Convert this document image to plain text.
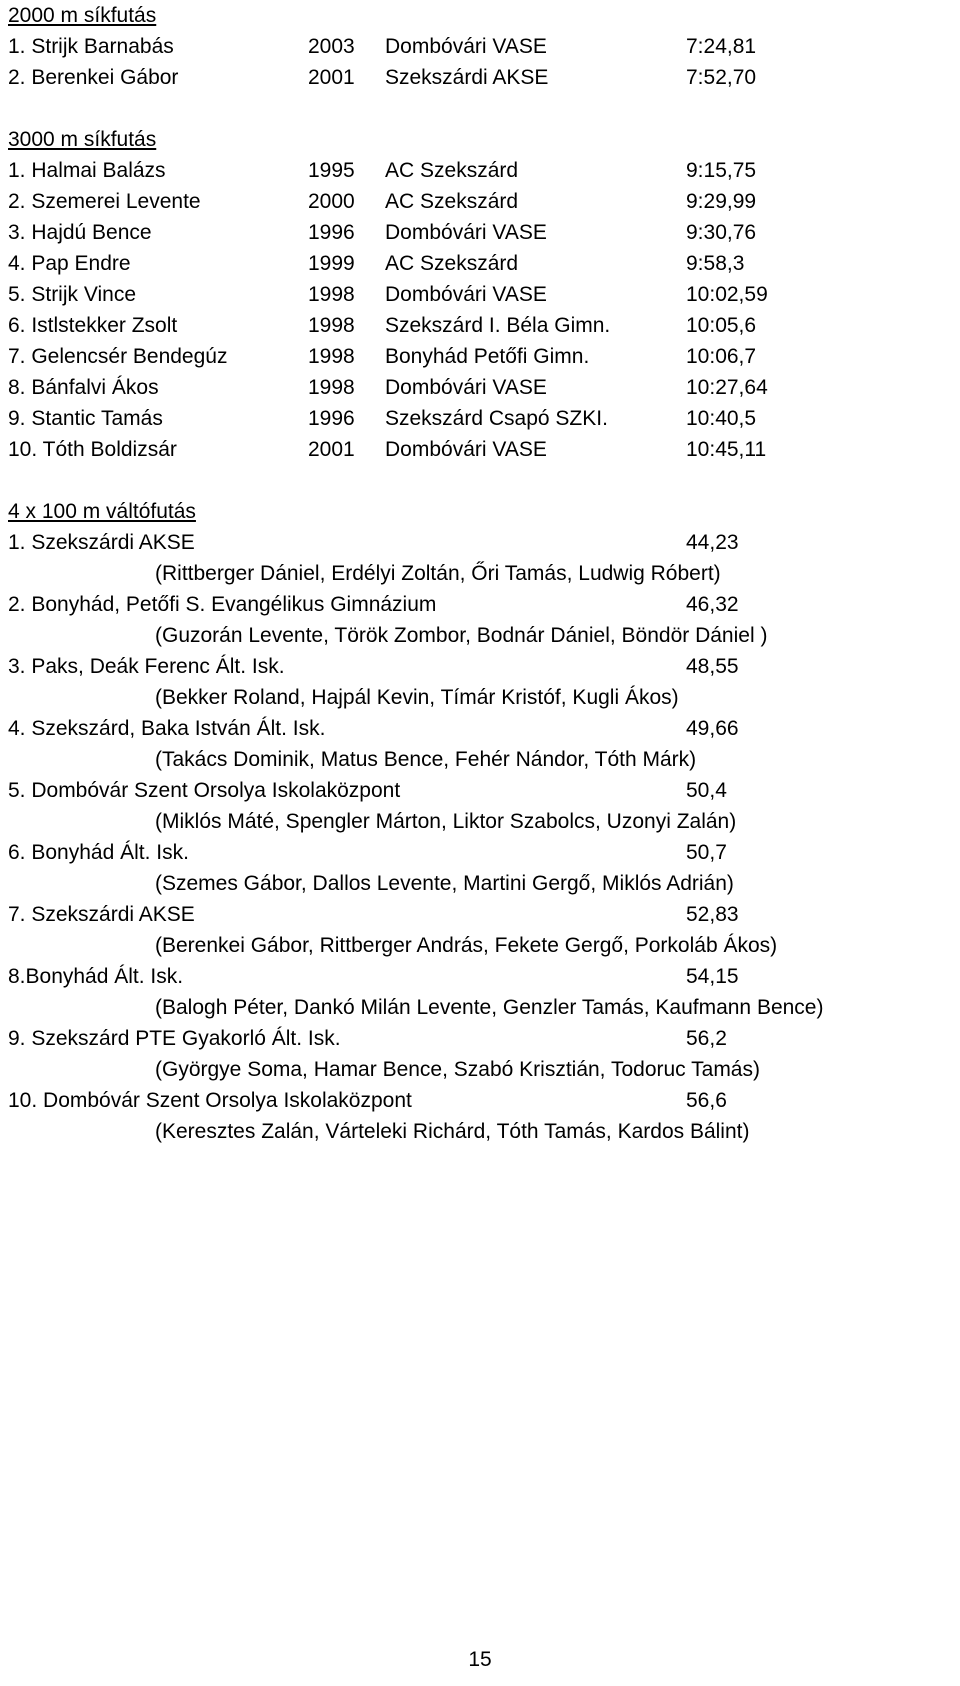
2000 m síkfutás
1. Strijk Barnabás	2003 Dombóvári VASE	7:24,81
2. Berenkei Gábor	2001 Szekszárdi AKSE	7:52,70
3000 m síkfutás
1. Halmai Balázs	1995 AC Szekszárd	9:15,75
2. Szemerei Levente	2000 AC Szekszárd	9:29,99
3. Hajdú Bence	1996 Dombóvári VASE	9:30,76
4. Pap Endre	1999 AC Szekszárd	9:58,3
5. Strijk Vince	1998 Dombóvári VASE	10:02,59
6. Istlstekker Zsolt	1998 Szekszárd I. Béla Gimn.	10:05,6
7. Gelencsér Bendegúz	1998 Bonyhád Petőfi Gimn.	10:06,7
8. Bánfalvi Ákos	1998 Dombóvári VASE	10:27,64
9. Stantic Tamás	1996 Szekszárd Csapó SZKI.	10:40,5
10. Tóth Boldizsár	2001 Dombóvári VASE	10:45,11
4 x 100 m váltófutás
1. Szekszárdi AKSE	44,23
(Rittberger Dániel, Erdélyi Zoltán, Őri Tamás, Ludwig Róbert)
2. Bonyhád, Petőfi S. Evangélikus Gimnázium	46,32
(Guzorán Levente, Török Zombor, Bodnár Dániel, Böndör Dániel )
3. Paks, Deák Ferenc Ált. Isk.	48,55
(Bekker Roland, Hajpál Kevin, Tímár Kristóf, Kugli Ákos)
4. Szekszárd, Baka István Ált. Isk.	49,66
(Takács Dominik, Matus Bence, Fehér Nándor, Tóth Márk)
5. Dombóvár Szent Orsolya Iskolaközpont	50,4
(Miklós Máté, Spengler Márton, Liktor Szabolcs, Uzonyi Zalán)
6. Bonyhád Ált. Isk.	50,7
(Szemes Gábor, Dallos Levente, Martini Gergő, Miklós Adrián)
7. Szekszárdi AKSE	52,83
(Berenkei Gábor, Rittberger András, Fekete Gergő, Porkoláb Ákos)
8.Bonyhád Ált. Isk.	54,15
(Balogh Péter, Dankó Milán Levente, Genzler Tamás, Kaufmann Bence)
9. Szekszárd PTE Gyakorló Ált. Isk.	56,2
(Györgye Soma, Hamar Bence, Szabó Krisztián, Todoruc Tamás)
10. Dombóvár Szent Orsolya Iskolaközpont	56,6
(Keresztes Zalán, Vártelеki Richárd, Tóth Tamás, Kardos Bálint)
15
